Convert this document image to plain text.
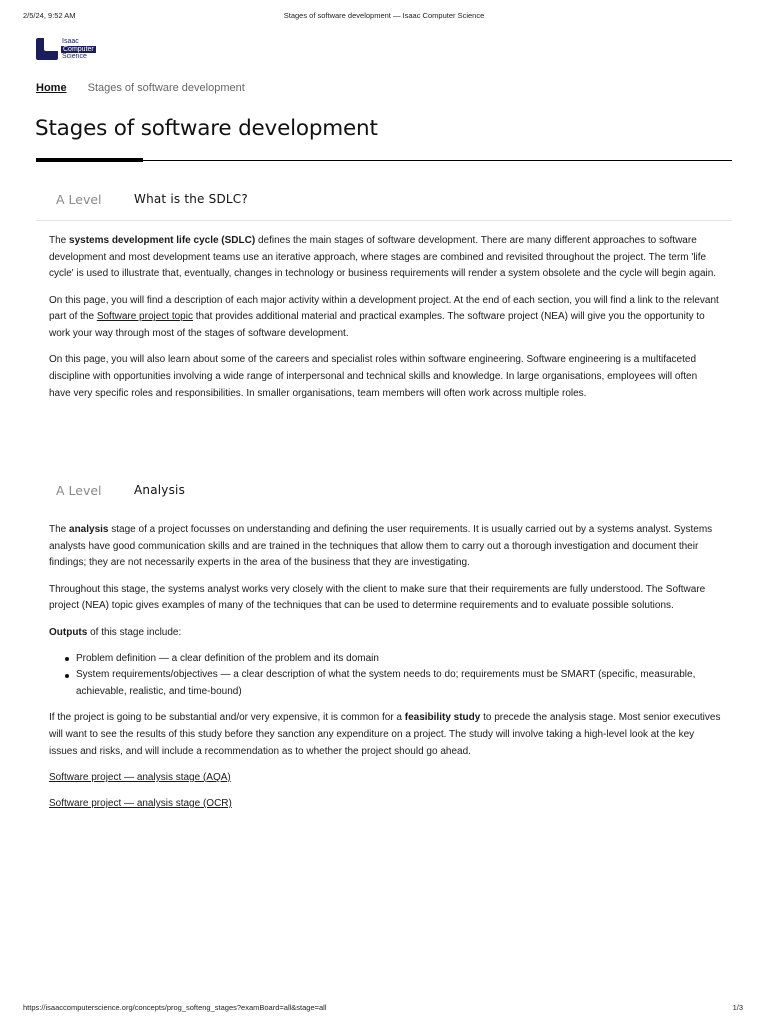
2/5/24, 9:52 AM	Stages of software development — Isaac Computer Science
Isaac
Computer
Science
Home Stages of software development
Stages of software development
A Level	What is the SDLC?

The systems development life cycle (SDLC) defines the main stages of software development. There are many different approaches to software development and most development teams use an iterative approach, where stages are combined and revisited throughout the project. The term 'life cycle' is used to illustrate that, eventually, changes in technology or business requirements will render a system obsolete and the cycle will begin again.

On this page, you will find a description of each major activity within a development project. At the end of each section, you will find a link to the relevant part of the Software project topic that provides additional material and practical examples. The software project (NEA) will give you the opportunity to work your way through most of the stages of software development.

On this page, you will also learn about some of the careers and specialist roles within software engineering. Software engineering is a multifaceted discipline with opportunities involving a wide range of interpersonal and technical skills and knowledge. In large organisations, employees will often have very specific roles and responsibilities. In smaller organisations, team members will often work across multiple roles.

A Level	Analysis

The analysis stage of a project focusses on understanding and defining the user requirements. It is usually carried out by a systems analyst. Systems analysts have good communication skills and are trained in the techniques that allow them to carry out a thorough investigation and document their findings; they are not necessarily experts in the area of the business that they are investigating.

Throughout this stage, the systems analyst works very closely with the client to make sure that their requirements are fully understood. The Software project (NEA) topic gives examples of many of the techniques that can be used to determine requirements and to evaluate possible solutions.

Outputs of this stage include:

Problem definition — a clear definition of the problem and its domain
System requirements/objectives — a clear description of what the system needs to do; requirements must be SMART (specific, measurable, achievable, realistic, and time-bound)

If the project is going to be substantial and/or very expensive, it is common for a feasibility study to precede the analysis stage. Most senior executives will want to see the results of this study before they sanction any expenditure on a project. The study will involve taking a high-level look at the key issues and risks, and will include a recommendation as to whether the project should go ahead.

Software project — analysis stage (AQA)

Software project — analysis stage (OCR)

https://isaaccomputerscience.org/concepts/prog_softeng_stages?examBoard=all&stage=all	1/3
